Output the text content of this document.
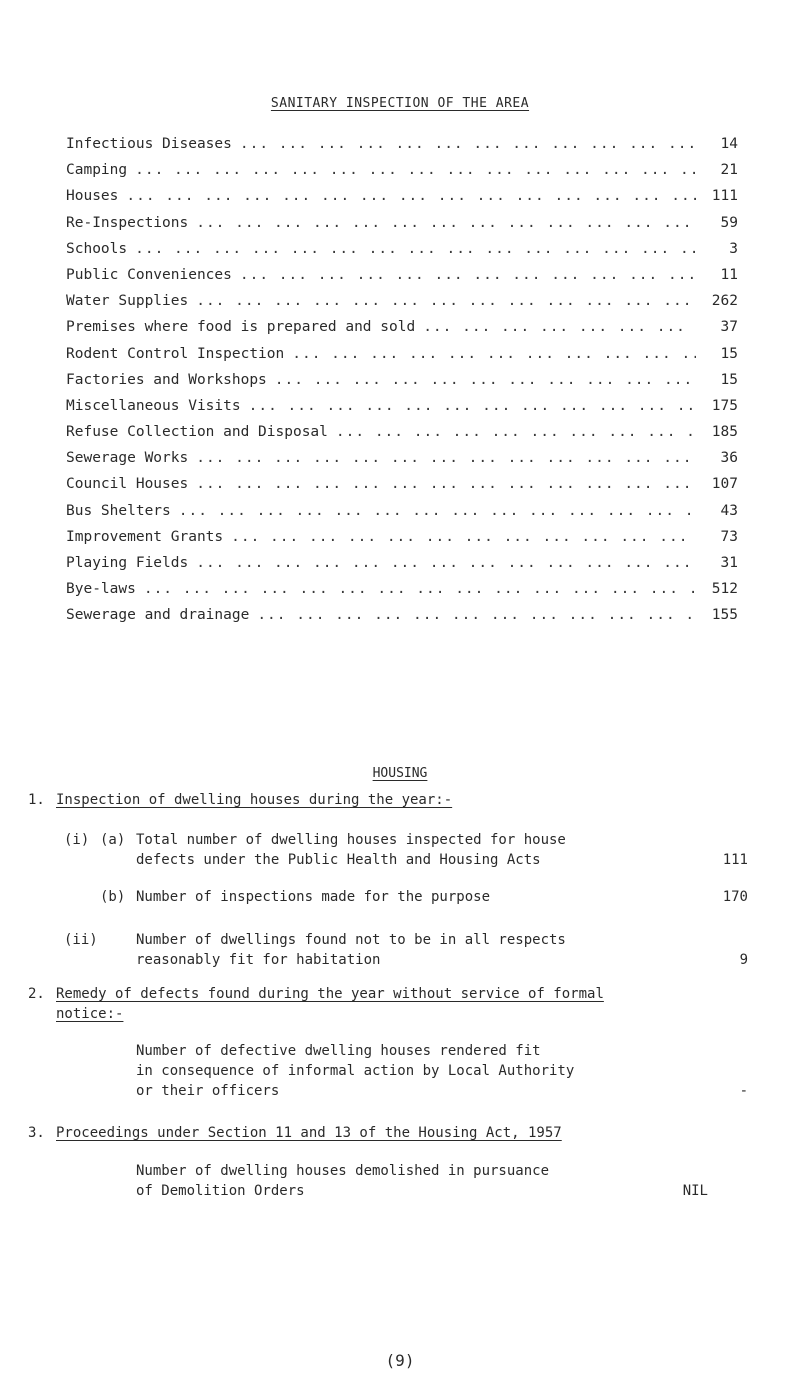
SANITARY INSPECTION OF THE AREA
Infectious Diseases ... .	14
Camping ... .	21
Houses ... .	111
Re-Inspections ... .	59
Schools ... .	3
Public Conveniences ... .	11
Water Supplies ... .	262
Premises where food is prepared and sold ... .	37
Rodent Control Inspection ... .	15
Factories and Workshops ... .	15
Miscellaneous Visits ... .	175
Refuse Collection and Disposal ... .	185
Sewerage Works ... .	36
Council Houses ... .	107
Bus Shelters ... .	43
Improvement Grants ... .	73
Playing Fields ... .	31
Bye-laws ... .	512
Sewerage and drainage ... .	155
HOUSING
1. Inspection of dwelling houses during the year:-
(i) (a) Total number of dwelling houses inspected for house
defects under the Public Health and Housing Acts	111
(b) Number of inspections made for the purpose	170
(ii)	Number of dwellings found not to be in all respects
reasonably fit for habitation	9
2. Remedy of defects found during the year without service of formal
notice:-
Number of defective dwelling houses rendered fit
in consequence of informal action by Local Authority
or their officers	-
3. Proceedings under Section 11 and 13 of the Housing Act, 1957
Number of dwelling houses demolished in pursuance
of Demolition Orders	NIL
(9)
